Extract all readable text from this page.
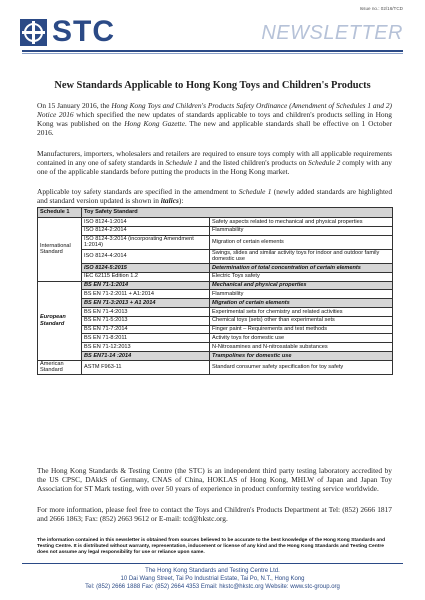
Issue no.: 02/16/TCD
STC	NEWSLETTER
New Standards Applicable to Hong Kong Toys and Children's Products
On 15 January 2016, the Hong Kong Toys and Children's Products Safety Ordinance (Amendment of Schedules 1 and 2) Notice 2016 which specified the new updates of standards applicable to toys and children's products selling in Hong Kong was published on the Hong Kong Gazette. The new and applicable standards shall be effective on 1 October 2016.
Manufacturers, importers, wholesalers and retailers are required to ensure toys comply with all applicable requirements contained in any one of safety standards in Schedule 1 and the listed children's products on Schedule 2 comply with any one of the applicable standards before putting the products in the Hong Kong market.
Applicable toy safety standards are specified in the amendment to Schedule 1 (newly added standards are highlighted and standard version updated is shown in italics):
Schedule 1	Toy Safety Standard	
International Standard	ISO 8124-1:2014	Safety aspects related to mechanical and physical properties
	ISO 8124-2:2014	Flammability
	ISO 8124-3:2014 (incorporating Amendment 1:2014)	Migration of certain elements
	ISO 8124-4:2014	Swings, slides and similar activity toys for indoor and outdoor family domestic use
	ISO 8124-5:2015	Determination of total concentration of certain elements
	IEC 62115 Edition 1.2	Electric Toys safety
European Standard	BS EN 71-1:2014	Mechanical and physical properties
	BS EN 71-2:2011 + A1:2014	Flammability
	BS EN 71-3:2013 + A1 2014	Migration of certain elements
	BS EN 71-4:2013	Experimental sets for chemistry and related activities
	BS EN 71-5:2013	Chemical toys (sets) other than experimental sets
	BS EN 71-7:2014	Finger paint – Requirements and test methods
	BS EN 71-8:2011	Activity toys for domestic use
	BS EN 71-12:2013	N-Nitrosamines and N-nitrosatable substances
	BS EN71-14 :2014	Trampolines for domestic use
American Standard	ASTM F963-11	Standard consumer safety specification for toy safety
The Hong Kong Standards & Testing Centre (the STC) is an independent third party testing laboratory accredited by the US CPSC, DAkkS of Germany, CNAS of China, HOKLAS of Hong Kong, MHLW of Japan and Japan Toy Association for ST Mark testing, with over 50 years of experience in product conformity testing service worldwide.
For more information, please feel free to contact the Toys and Children's Products Department at Tel: (852) 2666 1817 and 2666 1863; Fax: (852) 2663 9612 or E-mail: tcd@hkstc.org.
The information contained in this newsletter is obtained from sources believed to be accurate to the best knowledge of the Hong Kong Standards and Testing Centre. It is distributed without warranty, representation, inducement or license of any kind and the Hong Kong Standards and Testing Centre does not assume any legal responsibility for use or reliance upon same.
The Hong Kong Standards and Testing Centre Ltd.
10 Dai Wang Street, Tai Po Industrial Estate, Tai Po, N.T., Hong Kong
Tel: (852) 2666 1888 Fax: (852) 2664 4353 Email: hkstc@hkstc.org Website: www.stc-group.org
